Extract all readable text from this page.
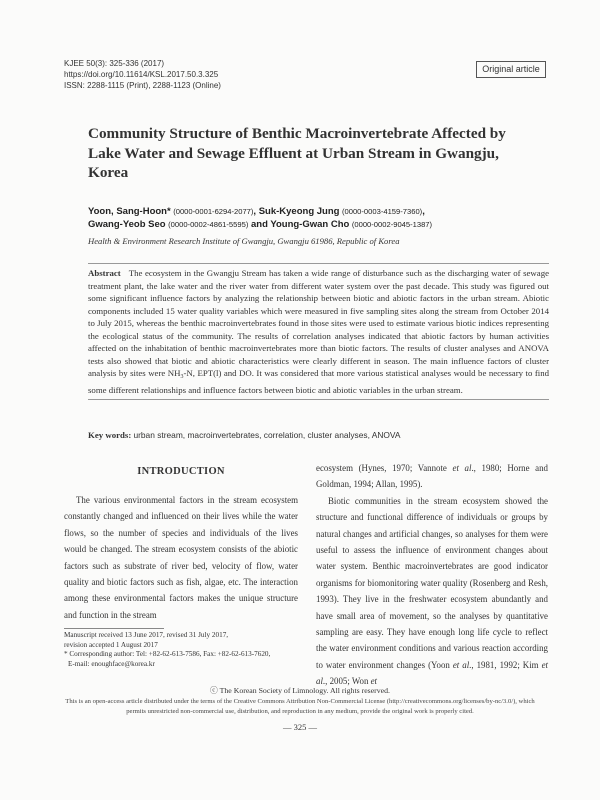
KJEE 50(3): 325-336 (2017)
https://doi.org/10.11614/KSL.2017.50.3.325
ISSN: 2288-1115 (Print), 2288-1123 (Online)
Original article
Community Structure of Benthic Macroinvertebrate Affected by Lake Water and Sewage Effluent at Urban Stream in Gwangju, Korea
Yoon, Sang-Hoon* (0000-0001-6294-2077), Suk-Kyeong Jung (0000-0003-4159-7360),
Gwang-Yeob Seo (0000-0002-4861-5595) and Young-Gwan Cho (0000-0002-9045-1387)
Health & Environment Research Institute of Gwangju, Gwangju 61986, Republic of Korea
Abstract The ecosystem in the Gwangju Stream has taken a wide range of disturbance such as the discharging water of sewage treatment plant, the lake water and the river water from different water system over the past decade. This study was figured out some significant influence factors by analyzing the relationship between biotic and abiotic factors in the urban stream. Abiotic components included 15 water quality variables which were measured in five sampling sites along the stream from October 2014 to July 2015, whereas the benthic macroinvertebrates found in those sites were used to estimate various biotic indices representing the ecological status of the community. The results of correlation analyses indicated that abiotic factors by human activities affected on the inhabitation of benthic macroinvertebrates more than biotic factors. The results of cluster analyses and ANOVA tests also showed that biotic and abiotic characteristics were clearly different in season. The main influence factors of cluster analysis by sites were $NH_3-N$, EPT(l) and DO. It was considered that more various statistical analyses would be necessary to find some different relationships and influence factors between biotic and abiotic variables in the urban stream.
Key words: urban stream, macroinvertebrates, correlation, cluster analyses, ANOVA
INTRODUCTION

The various environmental factors in the stream ecosystem constantly changed and influenced on their lives while the water flows, so the number of species and individuals of the lives would be changed. The stream ecosystem consists of the abiotic factors such as substrate of river bed, velocity of flow, water quality and biotic factors such as fish, algae, etc. The interaction among these environmental factors makes the unique structure and function in the stream

ecosystem (Hynes, 1970; Vannote et al., 1980; Horne and Goldman, 1994; Allan, 1995).

Biotic communities in the stream ecosystem showed the structure and functional difference of individuals or groups by natural changes and artificial changes, so analyses for them were useful to assess the influence of environment changes about water system. Benthic macroinvertebrates are good indicator organisms for biomonitoring water quality (Rosenberg and Resh, 1993). They live in the freshwater ecosystem abundantly and have small area of movement, so the analyses by quantitative sampling are easy. They have enough long life cycle to reflect the water environment conditions and various reaction according to water environment changes (Yoon et al., 1981, 1992; Kim et al., 2005; Won et

Manuscript received 13 June 2017, revised 31 July 2017,
revision accepted 1 August 2017
* Corresponding author: Tel: +82-62-613-7586, Fax: +82-62-613-7620,
E-mail: enoughface@korea.kr
ⓒ The Korean Society of Limnology. All rights reserved.
This is an open-access article distributed under the terms of the Creative Commons Attribution Non-Commercial License (http://creativecommons.org/licenses/by-nc/3.0/), which permits unrestricted non-commercial use, distribution, and reproduction in any medium, provide the original work is properly cited.
— 325 —
